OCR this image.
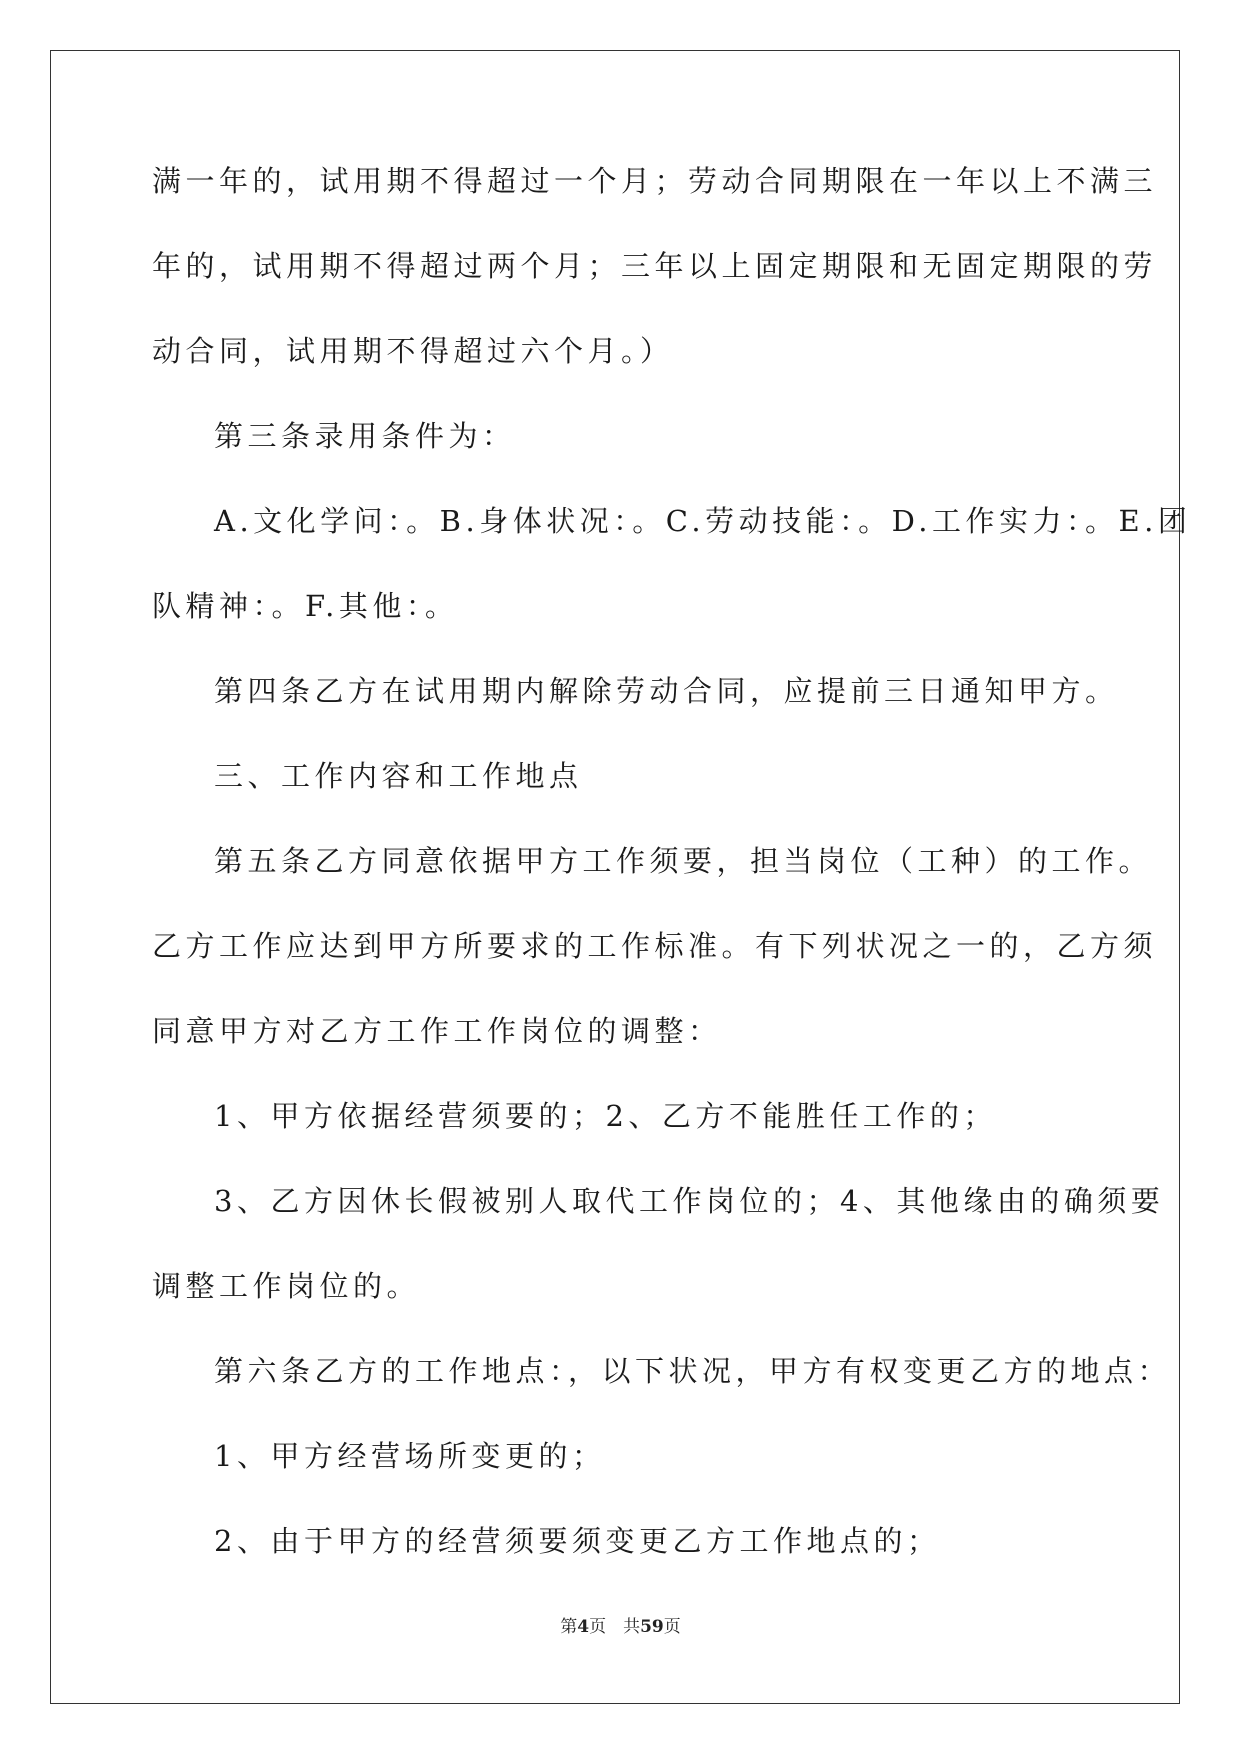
满一年的，试用期不得超过一个月；劳动合同期限在一年以上不满三
年的，试用期不得超过两个月；三年以上固定期限和无固定期限的劳
动合同，试用期不得超过六个月。）
第三条录用条件为：
A.文化学问：。B.身体状况：。C.劳动技能：。D.工作实力：。E.团
队精神：。F.其他：。
第四条乙方在试用期内解除劳动合同，应提前三日通知甲方。
三、工作内容和工作地点
第五条乙方同意依据甲方工作须要，担当岗位（工种）的工作。
乙方工作应达到甲方所要求的工作标准。有下列状况之一的，乙方须
同意甲方对乙方工作工作岗位的调整：
1、甲方依据经营须要的；2、乙方不能胜任工作的；
3、乙方因休长假被别人取代工作岗位的；4、其他缘由的确须要
调整工作岗位的。
第六条乙方的工作地点：，以下状况，甲方有权变更乙方的地点：
1、甲方经营场所变更的；
2、由于甲方的经营须要须变更乙方工作地点的；
第4页　共59页
